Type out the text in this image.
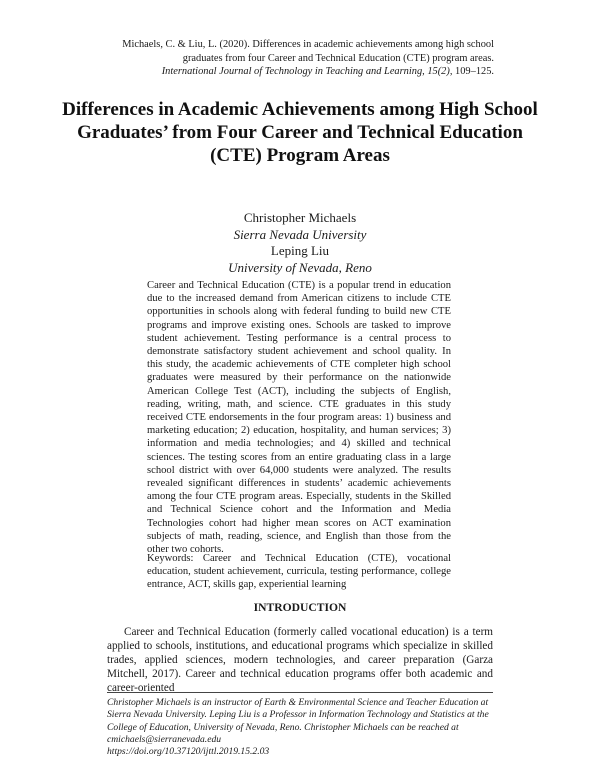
Michaels, C. & Liu, L. (2020). Differences in academic achievements among high school
graduates from four Career and Technical Education (CTE) program areas.
International Journal of Technology in Teaching and Learning, 15(2), 109–125.
Differences in Academic Achievements among High School Graduates’ from Four Career and Technical Education (CTE) Program Areas
Christopher Michaels
Sierra Nevada University
Leping Liu
University of Nevada, Reno

Career and Technical Education (CTE) is a popular trend in education due to the increased demand from American citizens to include CTE opportunities in schools along with federal funding to build new CTE programs and improve existing ones. Schools are tasked to improve student achievement. Testing performance is a central process to demonstrate satisfactory student achievement and school quality. In this study, the academic achievements of CTE completer high school graduates were measured by their performance on the nationwide American College Test (ACT), including the subjects of English, reading, writing, math, and science. CTE graduates in this study received CTE endorsements in the four program areas: 1) business and marketing education; 2) education, hospitality, and human services; 3) information and media technologies; and 4) skilled and technical sciences. The testing scores from an entire graduating class in a large school district with over 64,000 students were analyzed. The results revealed significant differences in students’ academic achievements among the four CTE program areas. Especially, students in the Skilled and Technical Science cohort and the Information and Media Technologies cohort had higher mean scores on ACT examination subjects of math, reading, science, and English than those from the other two cohorts.

Keywords: Career and Technical Education (CTE), vocational education, student achievement, curricula, testing performance, college entrance, ACT, skills gap, experiential learning

INTRODUCTION

Career and Technical Education (formerly called vocational education) is a term applied to schools, institutions, and educational programs which specialize in skilled trades, applied sciences, modern technologies, and career preparation (Garza Mitchell, 2017). Career and technical education programs offer both academic and career-oriented

Christopher Michaels is an instructor of Earth & Environmental Science and Teacher Education at Sierra Nevada University. Leping Liu is a Professor in Information Technology and Statistics at the College of Education, University of Nevada, Reno. Christopher Michaels can be reached at cmichaels@sierranevada.edu
https://doi.org/10.37120/ijttl.2019.15.2.03
